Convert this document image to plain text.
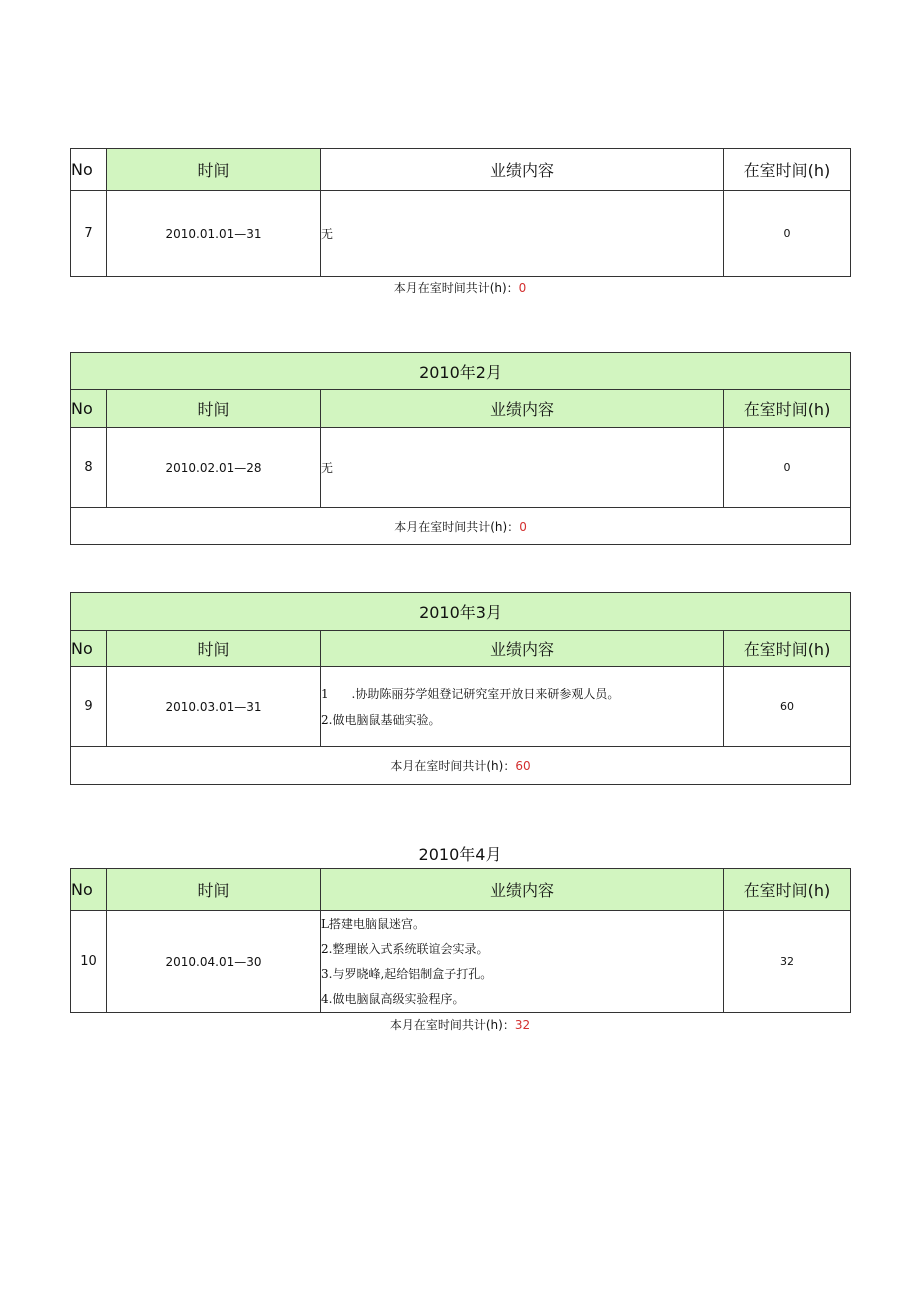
No	时间	业绩内容	在室时间(h)
7	2010.01.01—31	无	0
本月在室时间共计(h)：0
2010年2月			
No	时间	业绩内容	在室时间(h)
8	2010.02.01—28	无	0
本月在室时间共计(h)：0			
2010年3月			
No	时间	业绩内容	在室时间(h)
9	2010.03.01—31	1      .协助陈丽芬学姐登记研究室开放日来研参观人员。
2.做电脑鼠基础实验。	60
本月在室时间共计(h)：60			
2010年4月
No	时间	业绩内容	在室时间(h)
10	2010.04.01—30	L搭建电脑鼠迷宫。
2.整理嵌入式系统联谊会实录。
3.与罗晓峰,起给铝制盒子打孔。
4.做电脑鼠高级实验程序。	32
本月在室时间共计(h)：32
